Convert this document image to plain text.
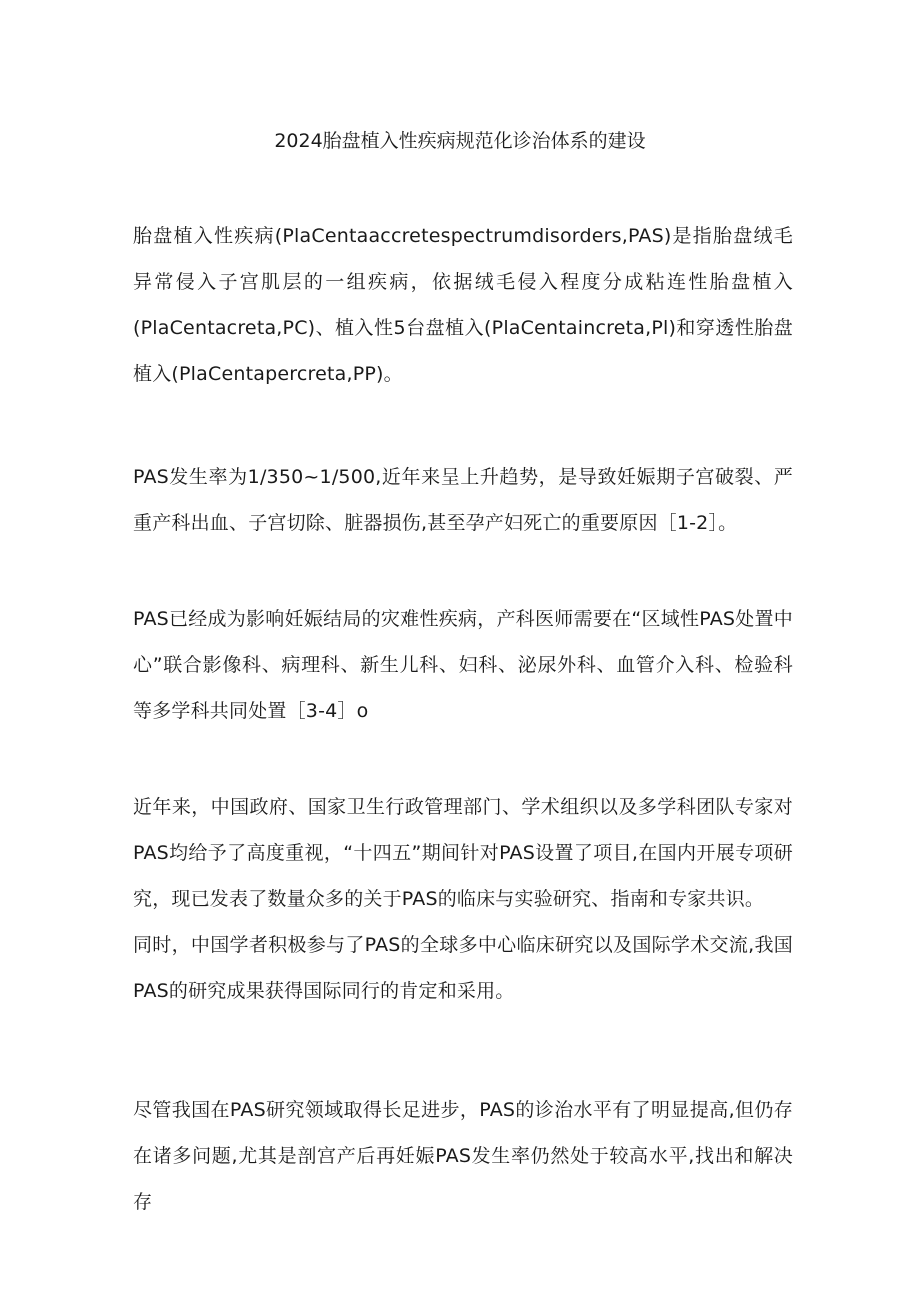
2024胎盘植入性疾病规范化诊治体系的建设

胎盘植入性疾病(PlaCentaaccretespectrumdisorders,PAS)是指胎盘绒毛异常侵入子宫肌层的一组疾病，依据绒毛侵入程度分成粘连性胎盘植入(PlaCentacreta,PC)、植入性5台盘植入(PlaCentaincreta,Pl)和穿透性胎盘植入(PlaCentapercreta,PP)。

PAS发生率为1/350~1/500,近年来呈上升趋势，是导致妊娠期子宫破裂、严重产科出血、子宫切除、脏器损伤,甚至孕产妇死亡的重要原因［1-2］。

PAS已经成为影响妊娠结局的灾难性疾病，产科医师需要在“区域性PAS处置中心”联合影像科、病理科、新生儿科、妇科、泌尿外科、血管介入科、检验科等多学科共同处置［3-4］o

近年来，中国政府、国家卫生行政管理部门、学术组织以及多学科团队专家对PAS均给予了高度重视，“十四五”期间针对PAS设置了项目,在国内开展专项研究，现已发表了数量众多的关于PAS的临床与实验研究、指南和专家共识。

同时，中国学者积极参与了PAS的全球多中心临床研究以及国际学术交流,我国PAS的研究成果获得国际同行的肯定和采用。

尽管我国在PAS研究领域取得长足进步，PAS的诊治水平有了明显提高,但仍存在诸多问题,尤其是剖宫产后再妊娠PAS发生率仍然处于较高水平,找出和解决存
